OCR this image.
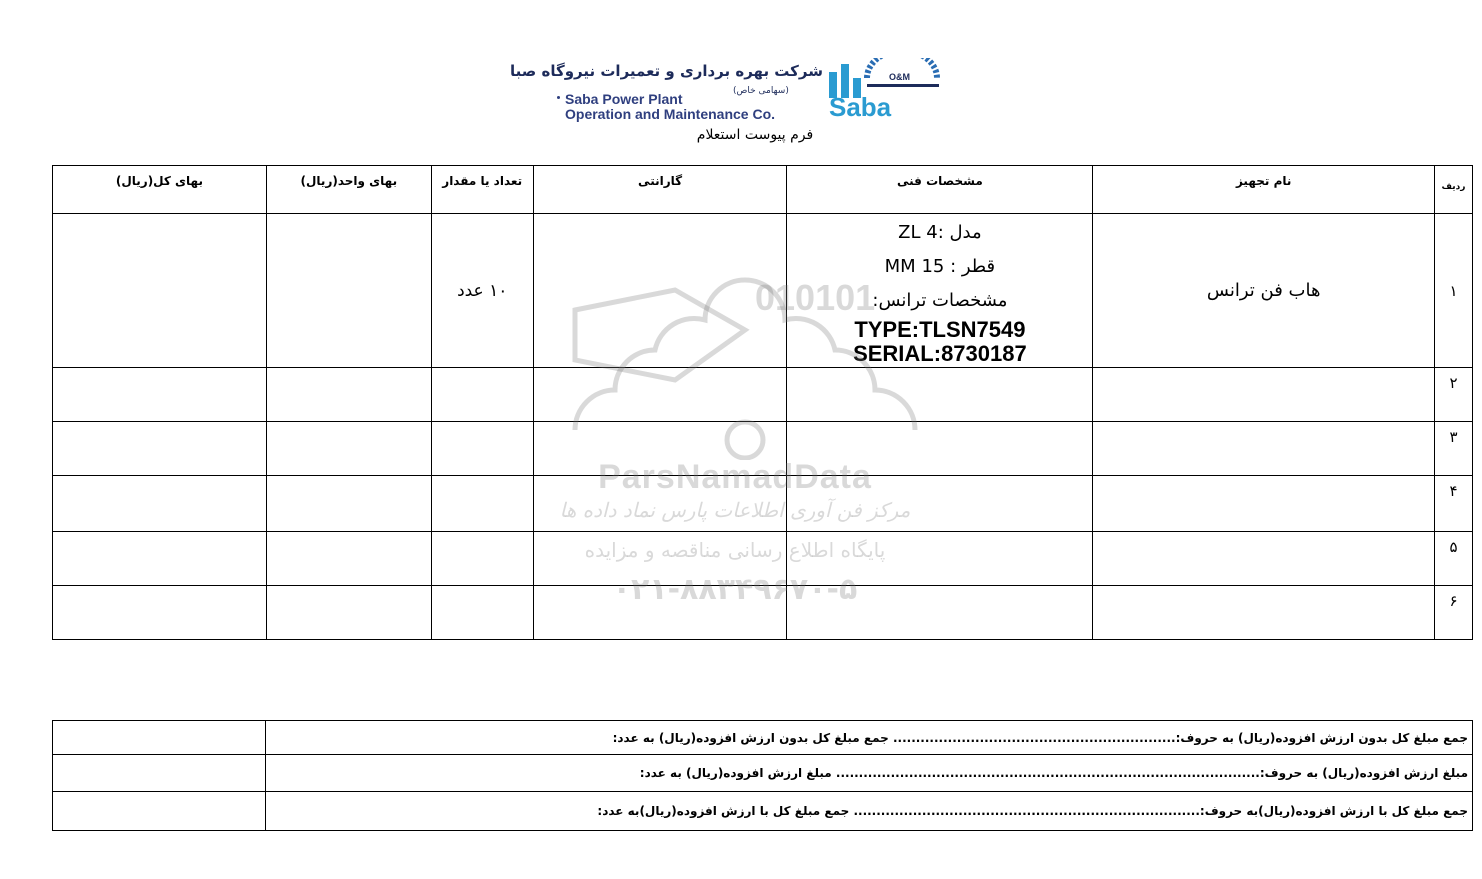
شرکت بهره برداری و تعمیرات نیروگاه صبا
(سهامی خاص)
Saba Power Plant
Operation and Maintenance Co.
O&M
Saba
فرم پیوست استعلام
ردیف	نام تجهیز	مشخصات فنی	گارانتی	تعداد یا مقدار	بهای واحد(ریال)	بهای کل(ریال)
۱	هاب فن ترانس	مدل :ZL 4
قطر : 15 MM
مشخصات ترانس:
TYPE:TLSN7549
SERIAL:8730187		۱۰ عدد		
۲						
۳						
۴						
۵						
۶						
010101
ParsNamadData
مرکز فن آوری اطلاعات پارس نماد داده ها
پایگاه اطلاع رسانی مناقصه و مزایده
۰۲۱-۸۸۳۴۹۶۷۰-۵
جمع مبلغ کل بدون ارزش افزوده(ریال) به حروف:.............................................................. جمع مبلغ کل بدون ارزش افزوده(ریال) به عدد:	
مبلغ ارزش افزوده(ریال) به حروف:............................................................................................. مبلغ ارزش افزوده(ریال) به عدد:	
جمع مبلغ کل با ارزش افزوده(ریال)به حروف:............................................................................ جمع مبلغ کل با ارزش افزوده(ریال)به عدد:	
